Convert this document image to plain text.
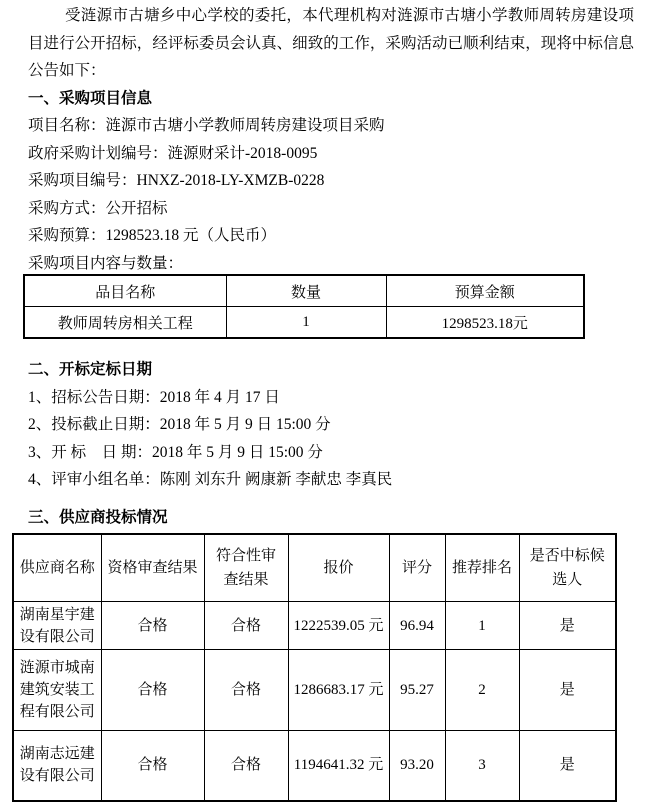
受涟源市古塘乡中心学校的委托，本代理机构对涟源市古塘小学教师周转房建设项目进行公开招标，经评标委员会认真、细致的工作，采购活动已顺利结束，现将中标信息公告如下：

一、采购项目信息

项目名称：涟源市古塘小学教师周转房建设项目采购

政府采购计划编号：涟源财采计-2018-0095

采购项目编号：HNXZ-2018-LY-XMZB-0228

采购方式：公开招标

采购预算：1298523.18 元（人民币）

采购项目内容与数量：

品目名称	数量	预算金额
教师周转房相关工程	1	1298523.18元
二、开标定标日期

1、招标公告日期：2018 年 4 月 17 日

2、投标截止日期：2018 年 5 月 9 日 15:00 分

3、开 标　日 期：2018 年 5 月 9 日 15:00 分

4、评审小组名单：陈刚 刘东升 阙康新 李献忠 李真民

三、供应商投标情况
供应商名称	资格审查结果	符合性审查结果	报价	评分	推荐排名	是否中标候选人
湖南星宇建设有限公司	合格	合格	1222539.05 元	96.94	1	是
涟源市城南建筑安装工程有限公司	合格	合格	1286683.17 元	95.27	2	是
湖南志远建设有限公司	合格	合格	1194641.32 元	93.20	3	是
